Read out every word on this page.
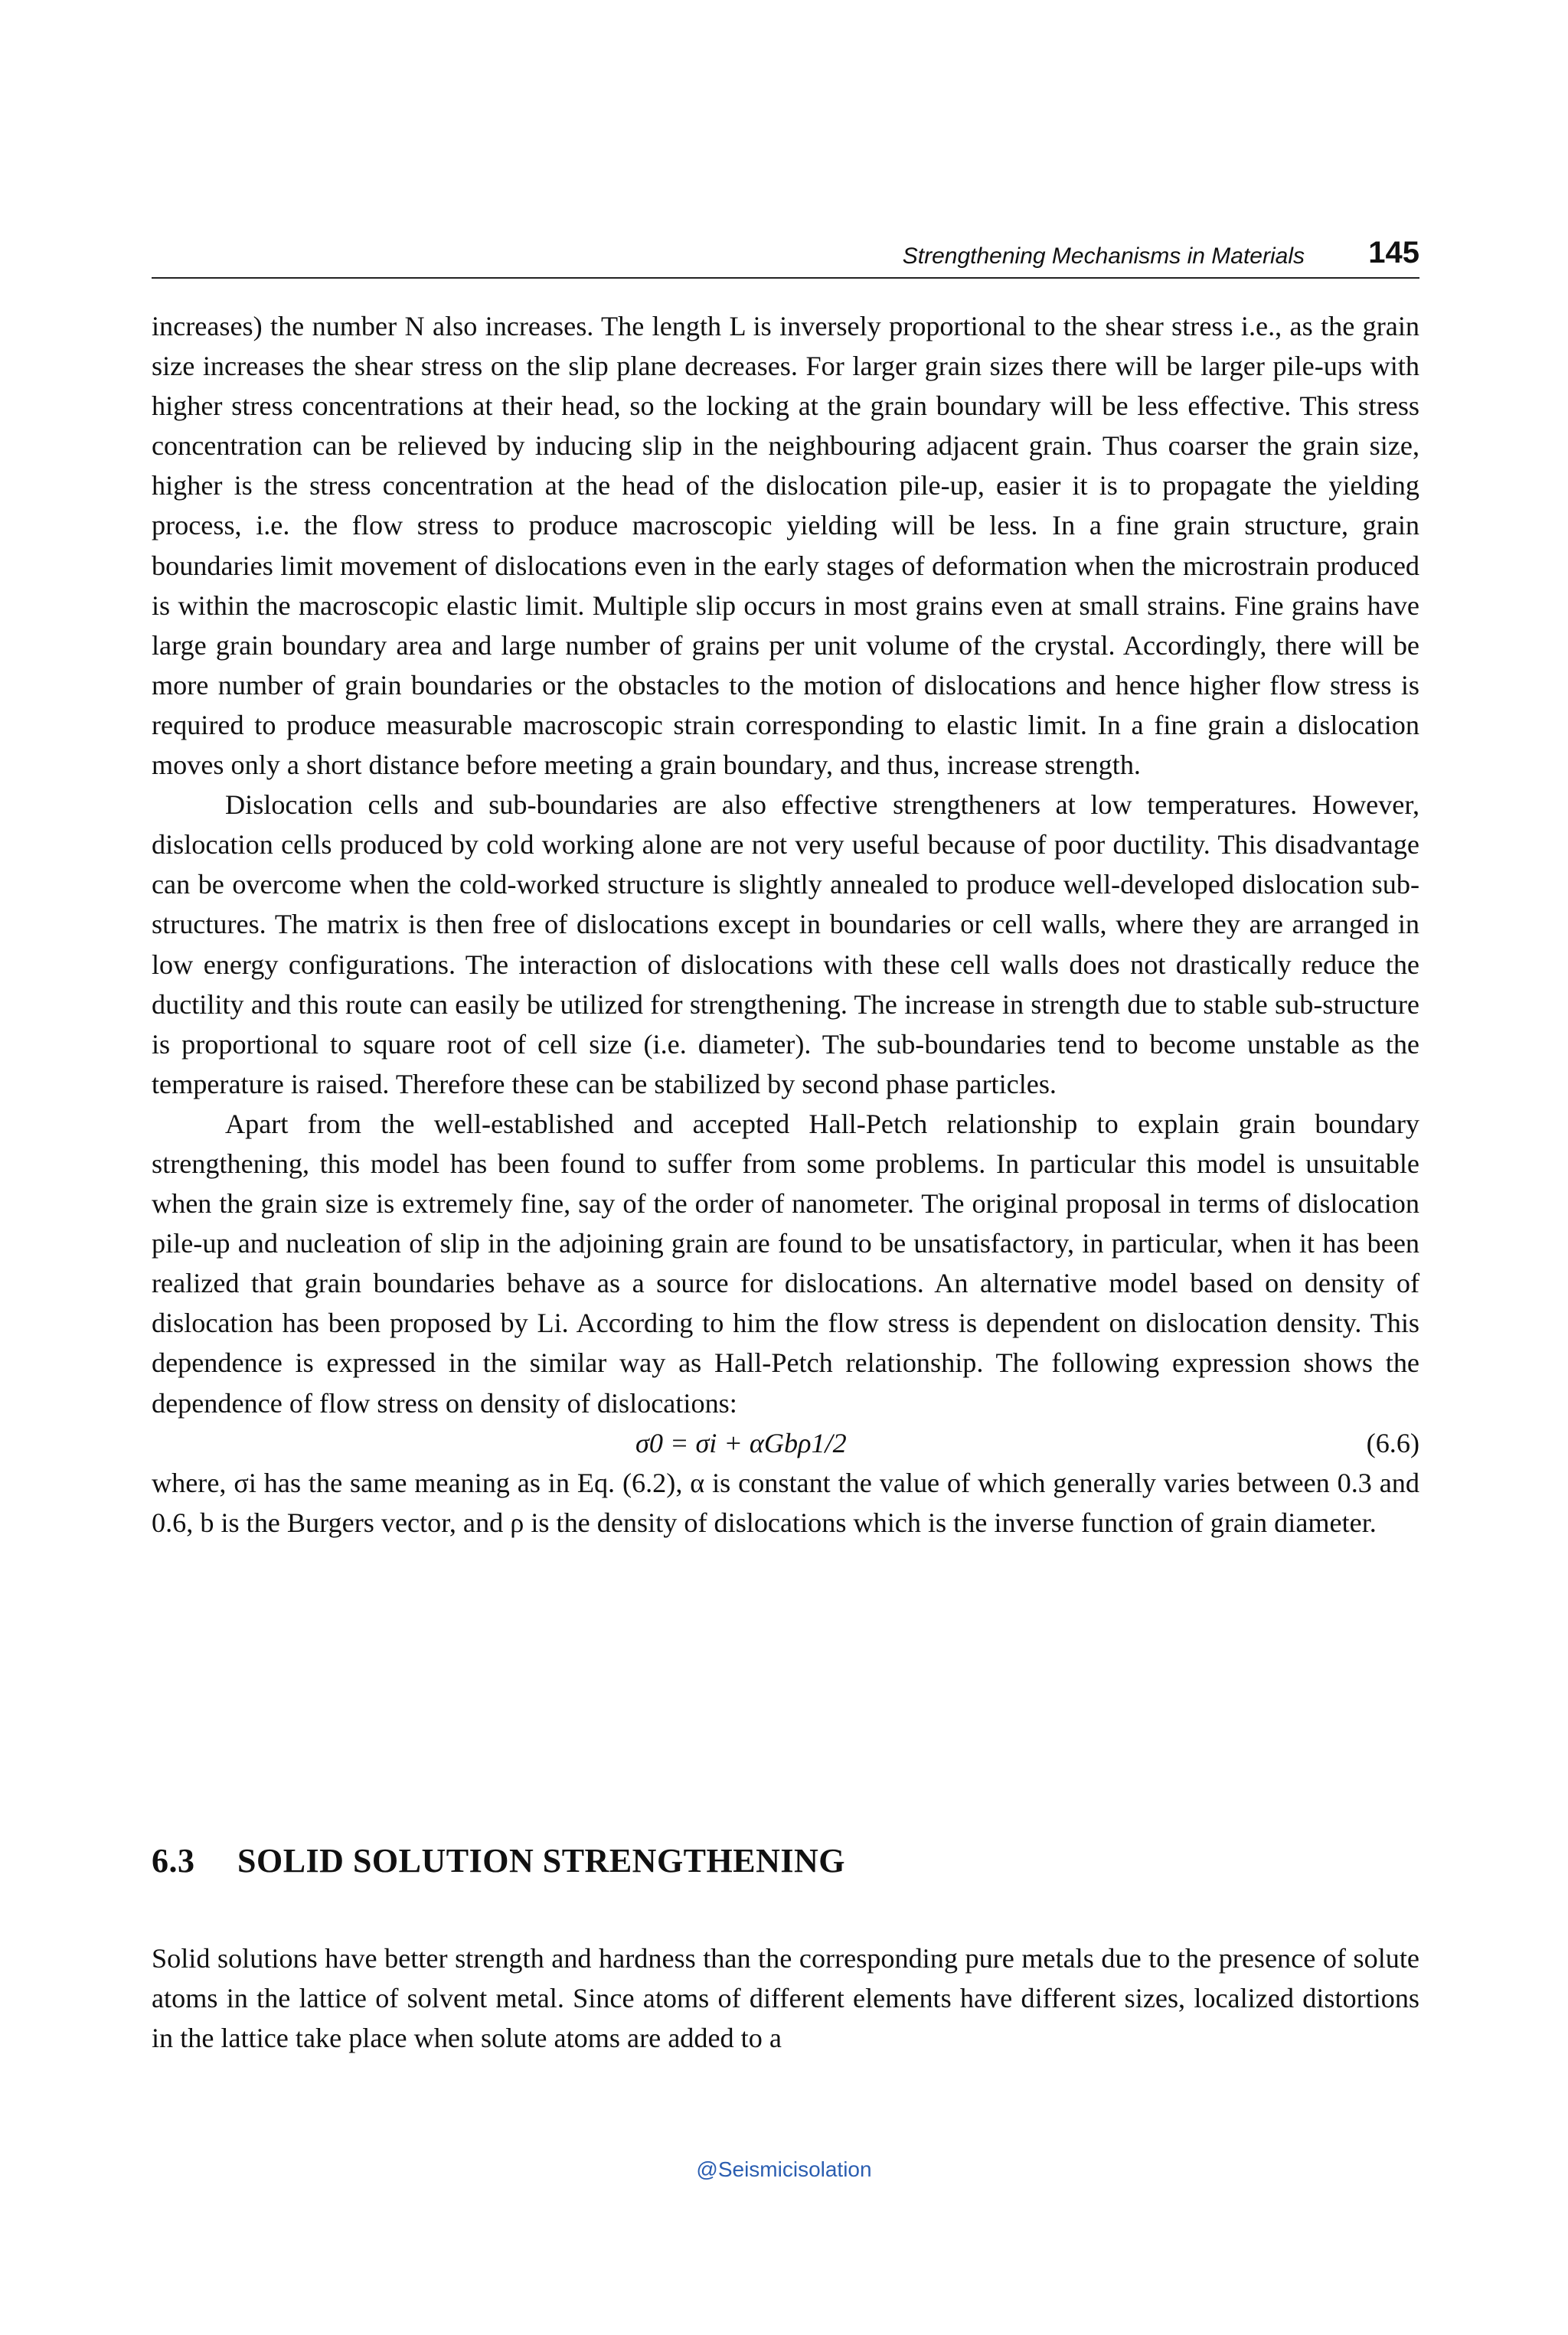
Strengthening Mechanisms in Materials 145

increases) the number N also increases. The length L is inversely proportional to the shear stress i.e., as the grain size increases the shear stress on the slip plane decreases. For larger grain sizes there will be larger pile-ups with higher stress concentrations at their head, so the locking at the grain boundary will be less effective. This stress concentration can be relieved by inducing slip in the neighbouring adjacent grain. Thus coarser the grain size, higher is the stress concentration at the head of the dislocation pile-up, easier it is to propagate the yielding process, i.e. the flow stress to produce macroscopic yielding will be less. In a fine grain structure, grain boundaries limit movement of dislocations even in the early stages of deformation when the microstrain produced is within the macroscopic elastic limit. Multiple slip occurs in most grains even at small strains. Fine grains have large grain boundary area and large number of grains per unit volume of the crystal. Accordingly, there will be more number of grain boundaries or the obstacles to the motion of dislocations and hence higher flow stress is required to produce measurable macroscopic strain corresponding to elastic limit. In a fine grain a dislocation moves only a short distance before meeting a grain boundary, and thus, increase strength.

Dislocation cells and sub-boundaries are also effective strengtheners at low temperatures. However, dislocation cells produced by cold working alone are not very useful because of poor ductility. This disadvantage can be overcome when the cold-worked structure is slightly annealed to produce well-developed dislocation sub-structures. The matrix is then free of dislocations except in boundaries or cell walls, where they are arranged in low energy configurations. The interaction of dislocations with these cell walls does not drastically reduce the ductility and this route can easily be utilized for strengthening. The increase in strength due to stable sub-structure is proportional to square root of cell size (i.e. diameter). The sub-boundaries tend to become unstable as the temperature is raised. Therefore these can be stabilized by second phase particles.

Apart from the well-established and accepted Hall-Petch relationship to explain grain boundary strengthening, this model has been found to suffer from some problems. In particular this model is unsuitable when the grain size is extremely fine, say of the order of nanometer. The original proposal in terms of dislocation pile-up and nucleation of slip in the adjoining grain are found to be unsatisfactory, in particular, when it has been realized that grain boundaries behave as a source for dislocations. An alternative model based on density of dislocation has been proposed by Li. According to him the flow stress is dependent on dislocation density. This dependence is expressed in the similar way as Hall-Petch relationship. The following expression shows the dependence of flow stress on density of dislocations:

σ0 = σi + αGbρ1/2	(6.6)

where, σi has the same meaning as in Eq. (6.2), α is constant the value of which generally varies between 0.3 and 0.6, b is the Burgers vector, and ρ is the density of dislocations which is the inverse function of grain diameter.

6.3 SOLID SOLUTION STRENGTHENING

Solid solutions have better strength and hardness than the corresponding pure metals due to the presence of solute atoms in the lattice of solvent metal. Since atoms of different elements have different sizes, localized distortions in the lattice take place when solute atoms are added to a

@Seismicisolation
